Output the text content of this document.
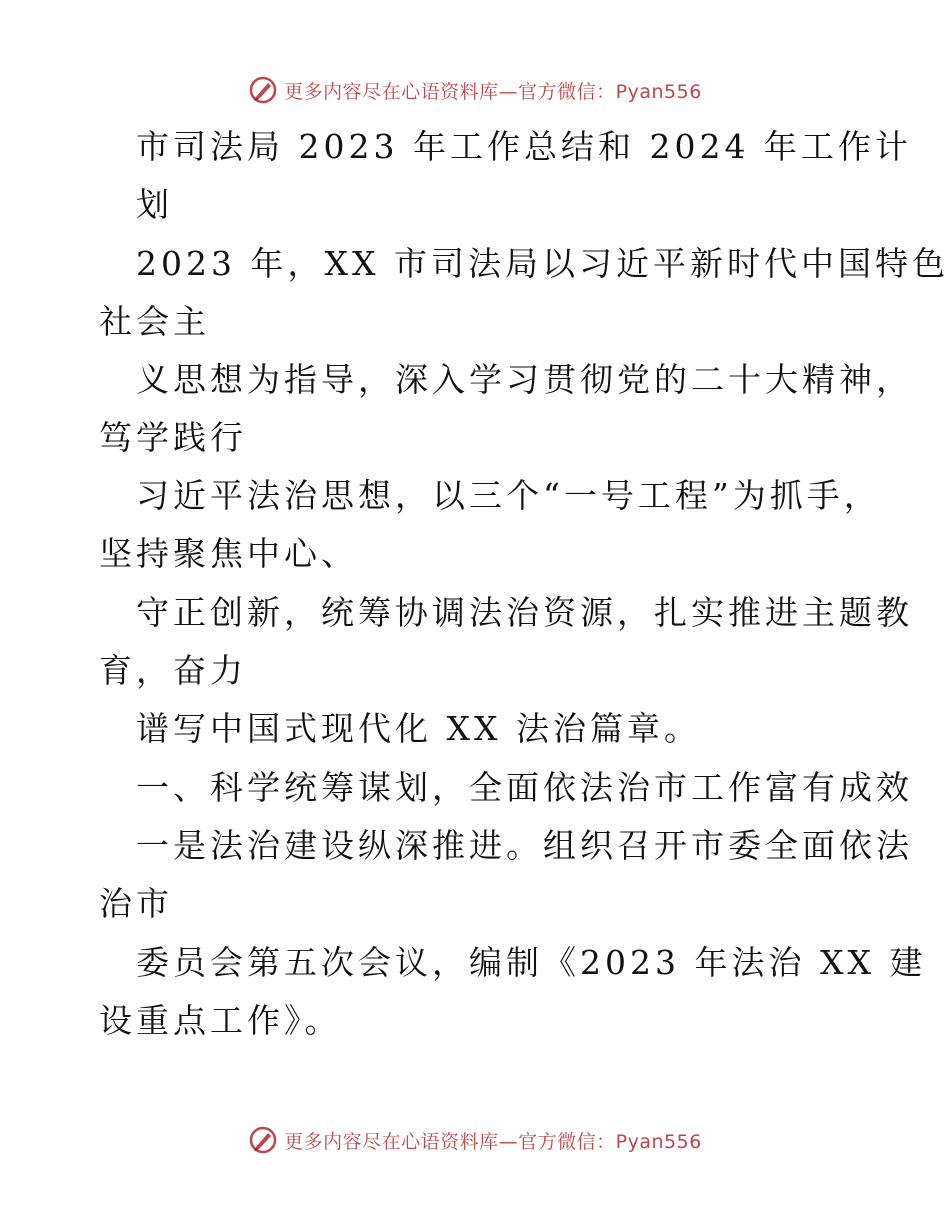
更多内容尽在心语资料库—官方微信：Pyan556
市司法局 2023 年工作总结和 2024 年工作计
划
2023 年，XX 市司法局以习近平新时代中国特色
社会主
义思想为指导，深入学习贯彻党的二十大精神，
笃学践行
习近平法治思想，以三个“一号工程”为抓手，
坚持聚焦中心、
守正创新，统筹协调法治资源，扎实推进主题教
育，奋力
谱写中国式现代化 XX 法治篇章。
一、科学统筹谋划，全面依法治市工作富有成效
一是法治建设纵深推进。组织召开市委全面依法
治市
委员会第五次会议，编制《2023 年法治 XX 建
设重点工作》。
更多内容尽在心语资料库—官方微信：Pyan556
